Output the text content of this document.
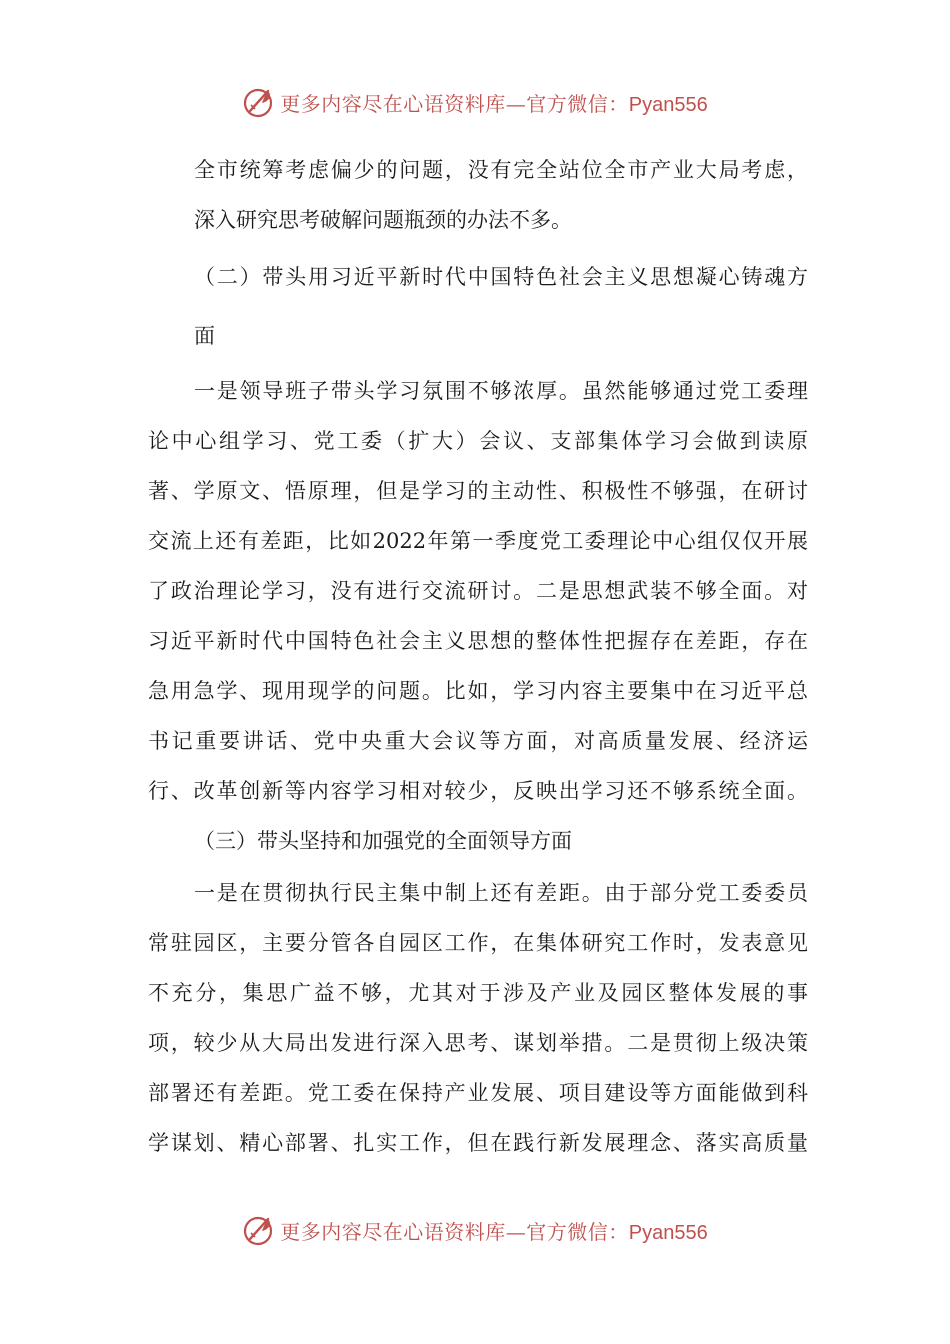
更多内容尽在心语资料库—官方微信：Pyan556
全市统筹考虑偏少的问题，没有完全站位全市产业大局考虑，
深入研究思考破解问题瓶颈的办法不多。
（二）带头用习近平新时代中国特色社会主义思想凝心铸魂方
面
一是领导班子带头学习氛围不够浓厚。虽然能够通过党工委理
论中心组学习、党工委（扩大）会议、支部集体学习会做到读原
著、学原文、悟原理，但是学习的主动性、积极性不够强，在研讨
交流上还有差距，比如2022年第一季度党工委理论中心组仅仅开展
了政治理论学习，没有进行交流研讨。二是思想武装不够全面。对
习近平新时代中国特色社会主义思想的整体性把握存在差距，存在
急用急学、现用现学的问题。比如，学习内容主要集中在习近平总
书记重要讲话、党中央重大会议等方面，对高质量发展、经济运
行、改革创新等内容学习相对较少，反映出学习还不够系统全面。
（三）带头坚持和加强党的全面领导方面
一是在贯彻执行民主集中制上还有差距。由于部分党工委委员
常驻园区，主要分管各自园区工作，在集体研究工作时，发表意见
不充分，集思广益不够，尤其对于涉及产业及园区整体发展的事
项，较少从大局出发进行深入思考、谋划举措。二是贯彻上级决策
部署还有差距。党工委在保持产业发展、项目建设等方面能做到科
学谋划、精心部署、扎实工作，但在践行新发展理念、落实高质量
更多内容尽在心语资料库—官方微信：Pyan556
